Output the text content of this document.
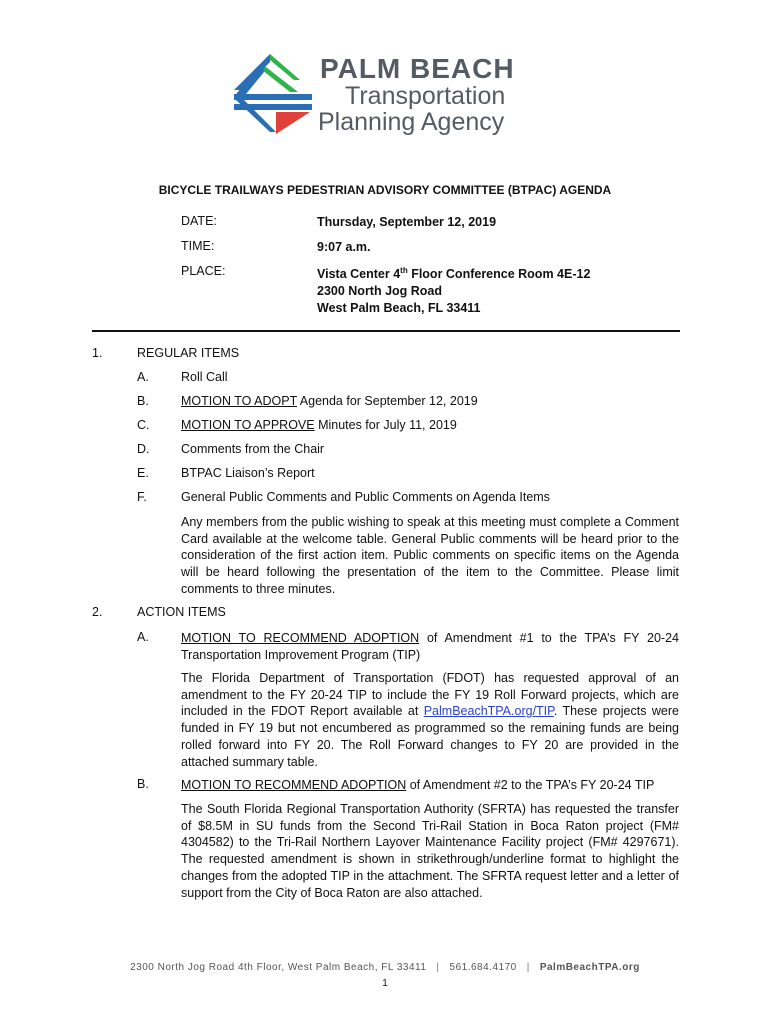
PALM BEACH
Transportation
Planning Agency
BICYCLE TRAILWAYS PEDESTRIAN ADVISORY COMMITTEE (BTPAC) AGENDA
DATE:	Thursday, September 12, 2019
TIME:	9:07 a.m.
PLACE:	Vista Center 4th Floor Conference Room 4E-12
2300 North Jog Road
West Palm Beach, FL 33411
1.	REGULAR ITEMS
A.	Roll Call
B.	MOTION TO ADOPT Agenda for September 12, 2019
C.	MOTION TO APPROVE Minutes for July 11, 2019
D.	Comments from the Chair
E.	BTPAC Liaison’s Report
F.	General Public Comments and Public Comments on Agenda Items
Any members from the public wishing to speak at this meeting must complete a Comment Card available at the welcome table. General Public comments will be heard prior to the consideration of the first action item. Public comments on specific items on the Agenda will be heard following the presentation of the item to the Committee. Please limit comments to three minutes.
2.	ACTION ITEMS
A.	MOTION TO RECOMMEND ADOPTION of Amendment #1 to the TPA’s FY 20-24 Transportation Improvement Program (TIP)
The Florida Department of Transportation (FDOT) has requested approval of an amendment to the FY 20-24 TIP to include the FY 19 Roll Forward projects, which are included in the FDOT Report available at PalmBeachTPA.org/TIP. These projects were funded in FY 19 but not encumbered as programmed so the remaining funds are being rolled forward into FY 20. The Roll Forward changes to FY 20 are provided in the attached summary table.
B.	MOTION TO RECOMMEND ADOPTION of Amendment #2 to the TPA’s FY 20-24 TIP
The South Florida Regional Transportation Authority (SFRTA) has requested the transfer of $8.5M in SU funds from the Second Tri-Rail Station in Boca Raton project (FM# 4304582) to the Tri-Rail Northern Layover Maintenance Facility project (FM# 4297671). The requested amendment is shown in strikethrough/underline format to highlight the changes from the adopted TIP in the attachment. The SFRTA request letter and a letter of support from the City of Boca Raton are also attached.
2300 North Jog Road 4th Floor, West Palm Beach, FL 33411 | 561.684.4170 | PalmBeachTPA.org
1
